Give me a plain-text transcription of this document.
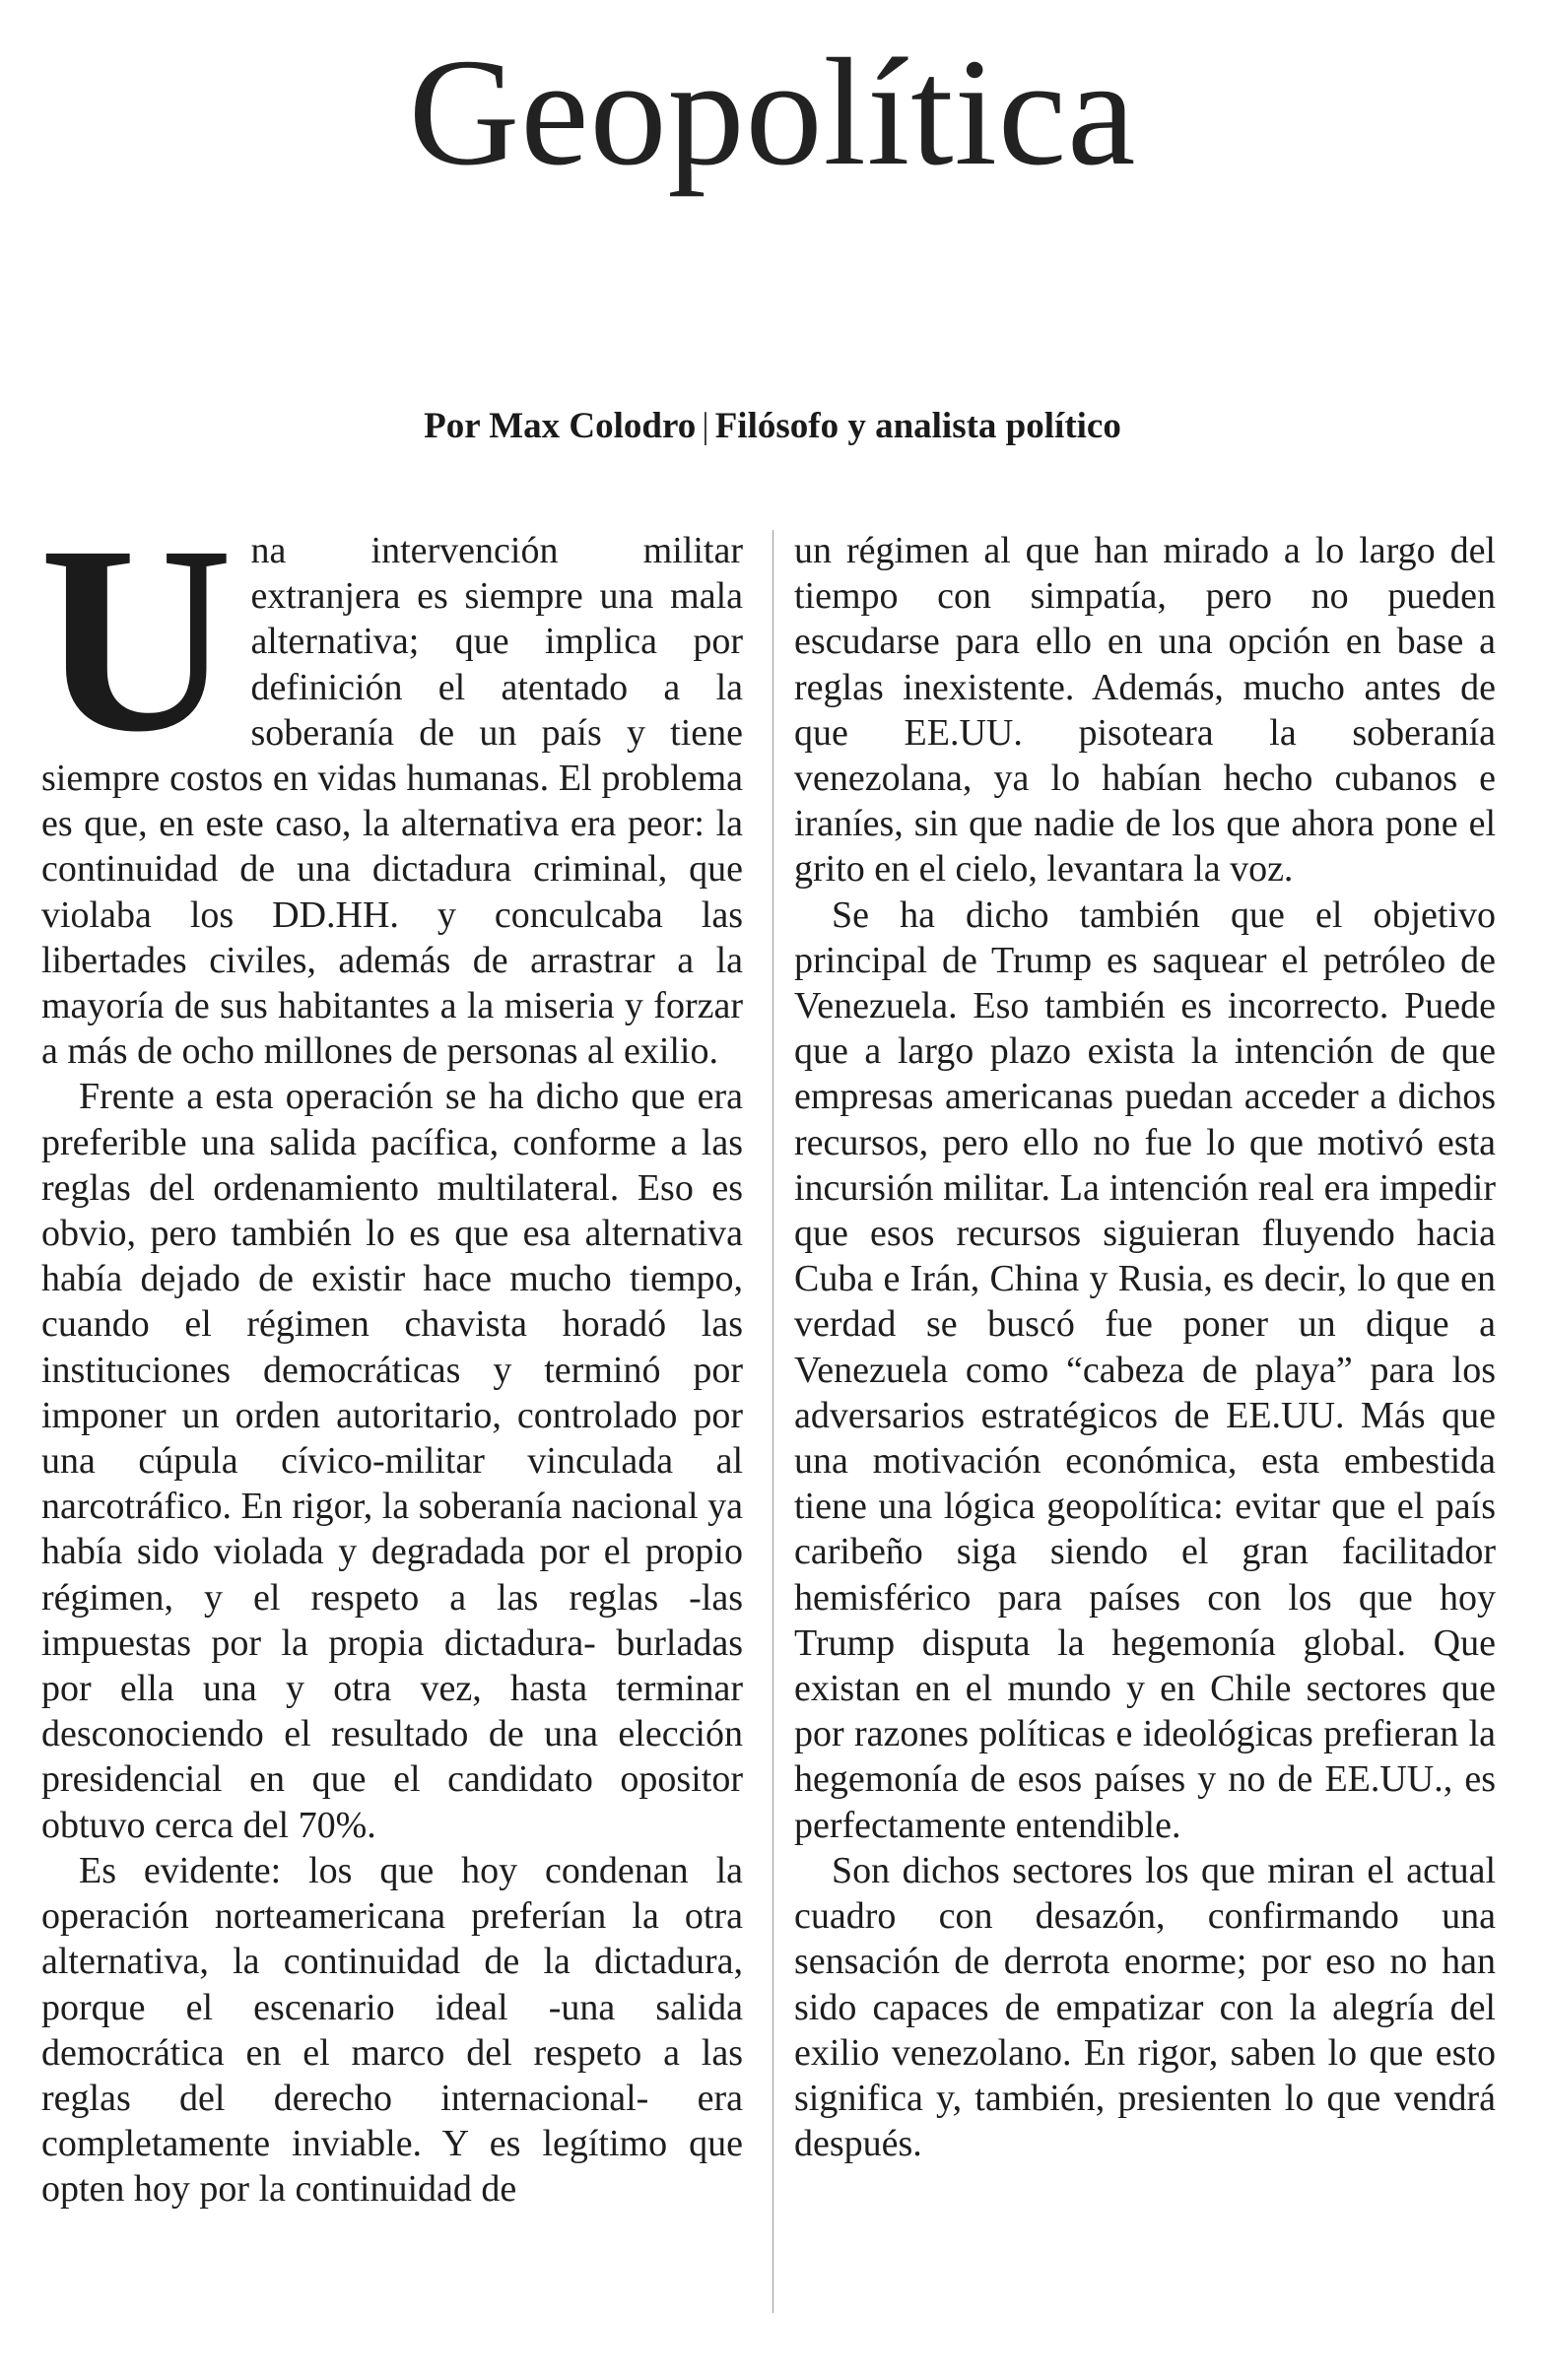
Geopolítica
Por Max Colodro | Filósofo y analista político

Una intervención militar extranjera es siempre una mala alternativa; que implica por definición el atentado a la soberanía de un país y tiene siempre costos en vidas humanas. El problema es que, en este caso, la alternativa era peor: la continuidad de una dictadura criminal, que violaba los DD.HH. y conculcaba las libertades civiles, además de arrastrar a la mayoría de sus habitantes a la miseria y forzar a más de ocho millones de personas al exilio.

Frente a esta operación se ha dicho que era preferible una salida pacífica, conforme a las reglas del ordenamiento multilateral. Eso es obvio, pero también lo es que esa alternativa había dejado de existir hace mucho tiempo, cuando el régimen chavista horadó las instituciones democráticas y terminó por imponer un orden autoritario, controlado por una cúpula cívico-militar vinculada al narcotráfico. En rigor, la soberanía nacional ya había sido violada y degradada por el propio régimen, y el respeto a las reglas -las impuestas por la propia dictadura- burladas por ella una y otra vez, hasta terminar desconociendo el resultado de una elección presidencial en que el candidato opositor obtuvo cerca del 70%.

Es evidente: los que hoy condenan la operación norteamericana preferían la otra alternativa, la continuidad de la dictadura, porque el escenario ideal -una salida democrática en el marco del respeto a las reglas del derecho internacional- era completamente inviable. Y es legítimo que opten hoy por la continuidad de

un régimen al que han mirado a lo largo del tiempo con simpatía, pero no pueden escudarse para ello en una opción en base a reglas inexistente. Además, mucho antes de que EE.UU. pisoteara la soberanía venezolana, ya lo habían hecho cubanos e iraníes, sin que nadie de los que ahora pone el grito en el cielo, levantara la voz.

Se ha dicho también que el objetivo principal de Trump es saquear el petróleo de Venezuela. Eso también es incorrecto. Puede que a largo plazo exista la intención de que empresas americanas puedan acceder a dichos recursos, pero ello no fue lo que motivó esta incursión militar. La intención real era impedir que esos recursos siguieran fluyendo hacia Cuba e Irán, China y Rusia, es decir, lo que en verdad se buscó fue poner un dique a Venezuela como “cabeza de playa” para los adversarios estratégicos de EE.UU. Más que una motivación económica, esta embestida tiene una lógica geopolítica: evitar que el país caribeño siga siendo el gran facilitador hemisférico para países con los que hoy Trump disputa la hegemonía global. Que existan en el mundo y en Chile sectores que por razones políticas e ideológicas prefieran la hegemonía de esos países y no de EE.UU., es perfectamente entendible.

Son dichos sectores los que miran el actual cuadro con desazón, confirmando una sensación de derrota enorme; por eso no han sido capaces de empatizar con la alegría del exilio venezolano. En rigor, saben lo que esto significa y, también, presienten lo que vendrá después.
